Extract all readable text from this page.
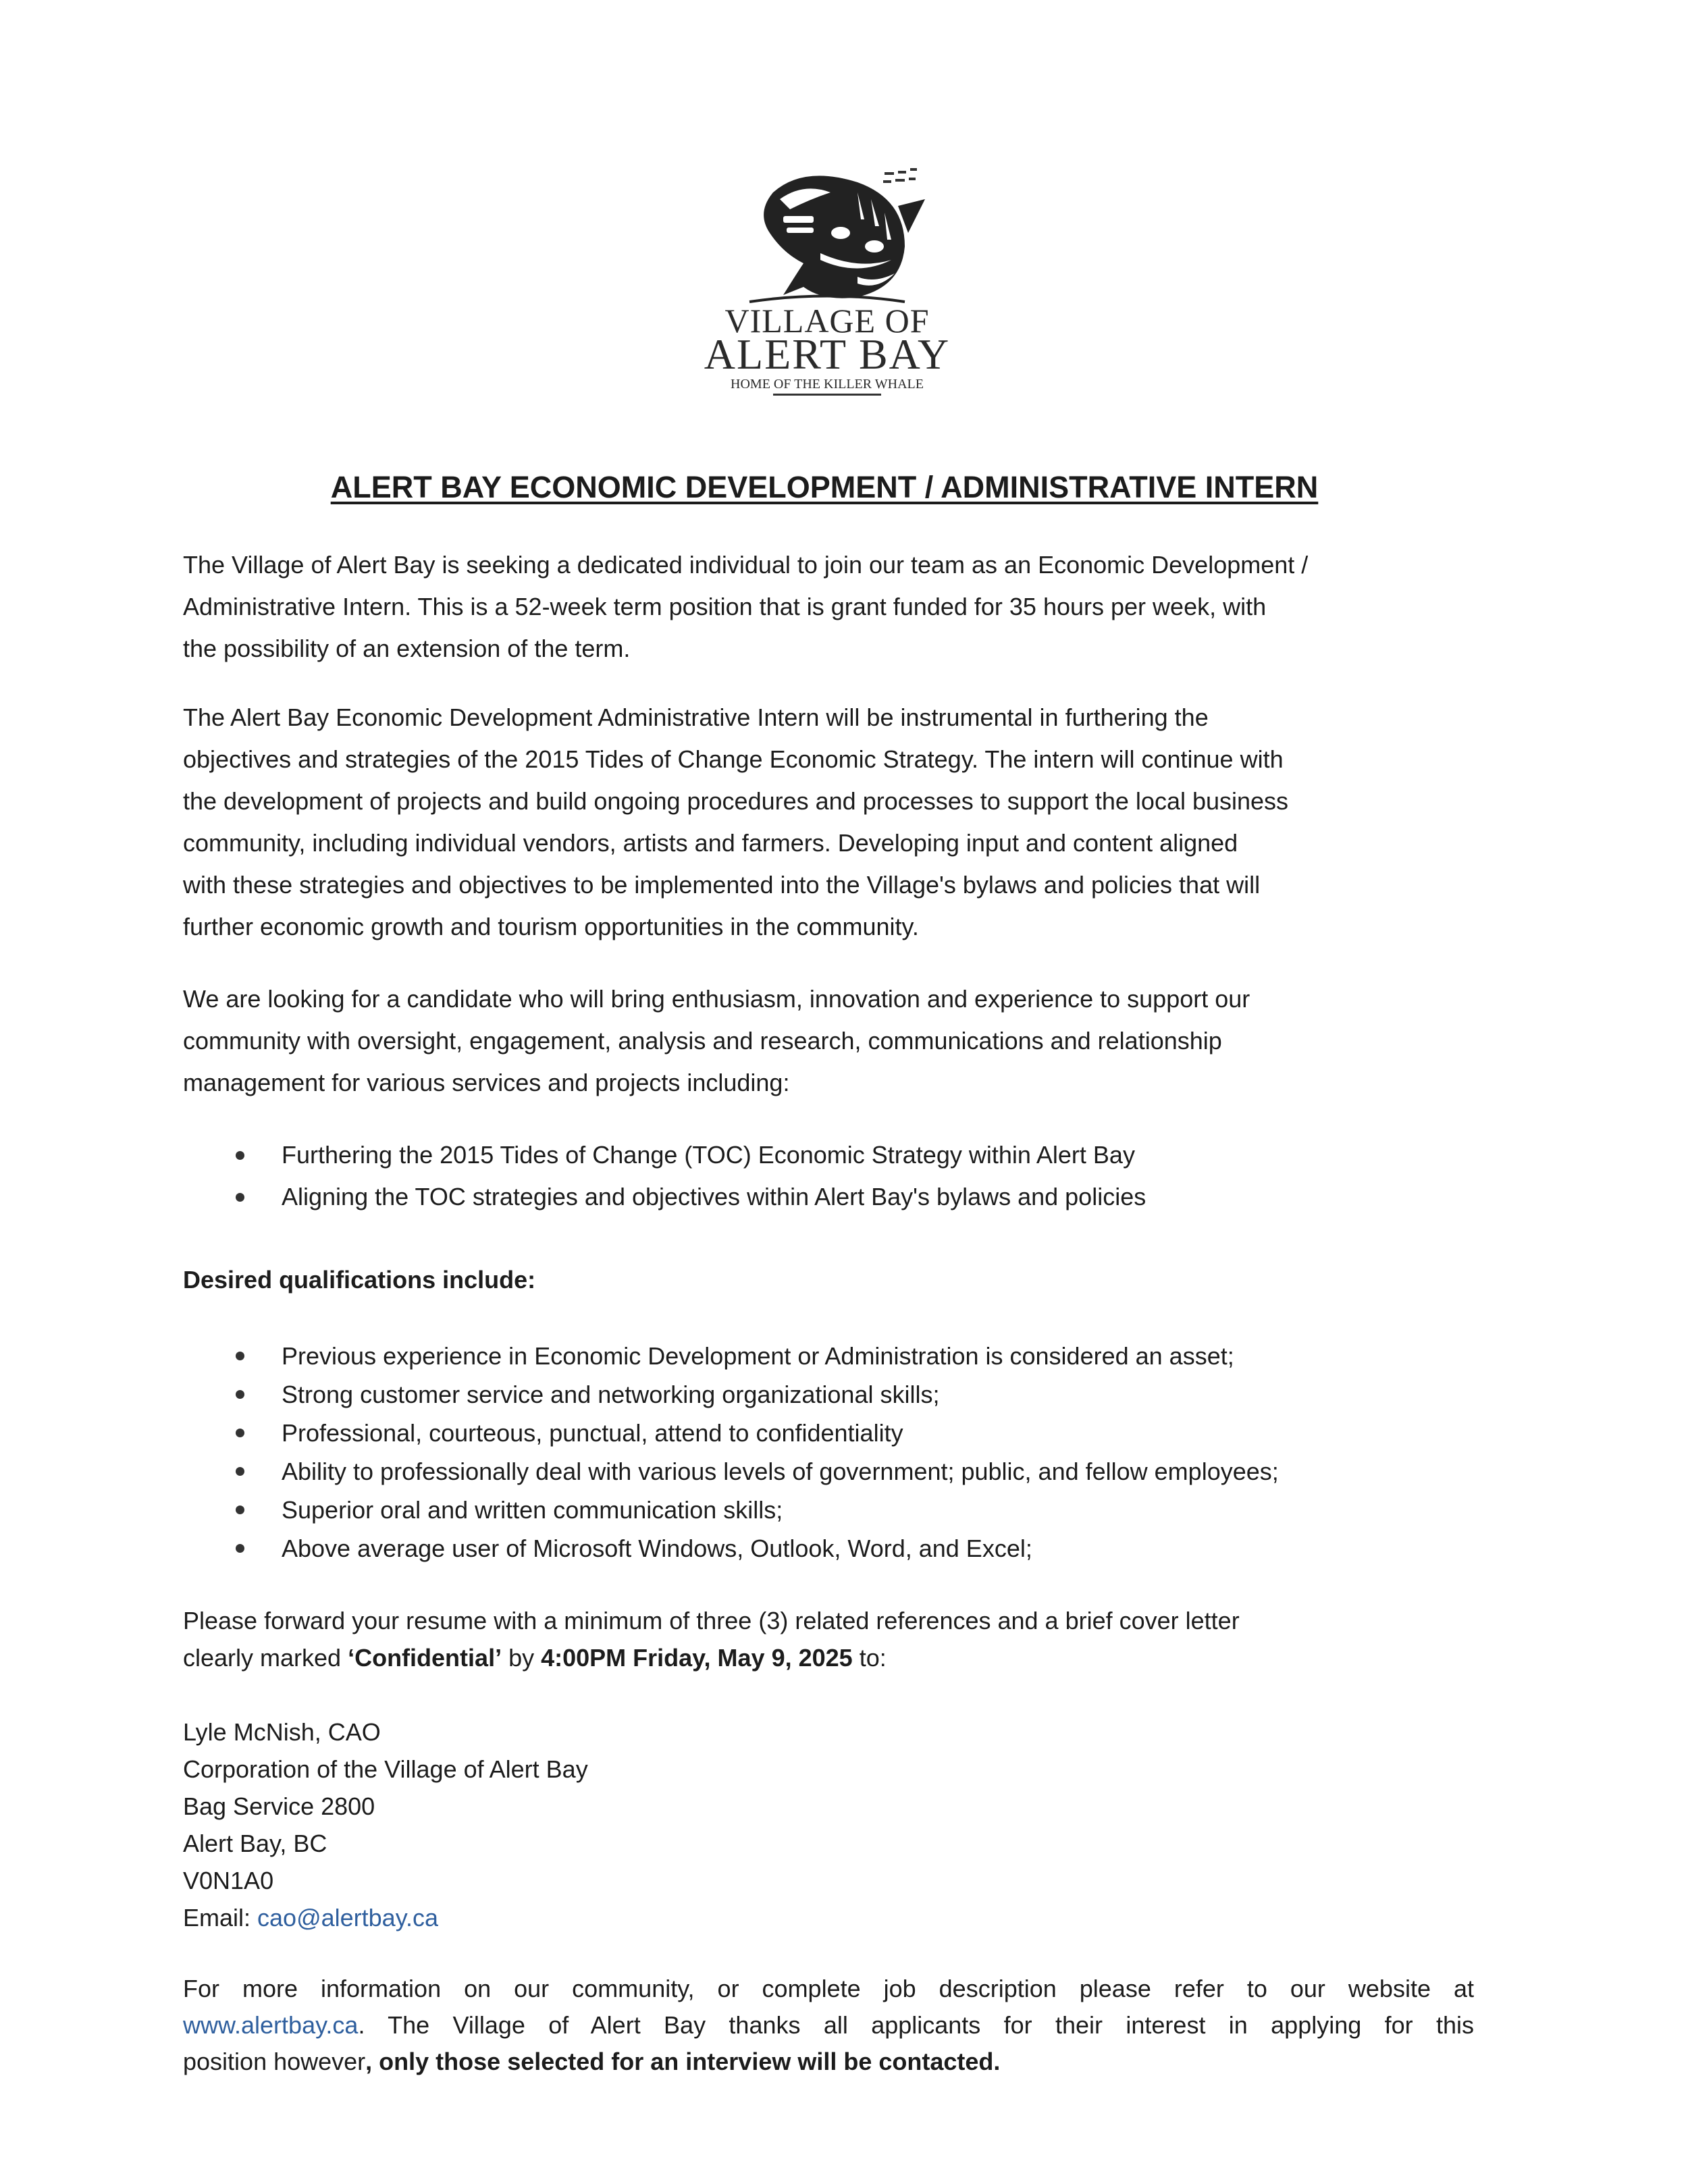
VILLAGE OF
ALERT BAY
HOME OF THE KILLER WHALE
ALERT BAY ECONOMIC DEVELOPMENT / ADMINISTRATIVE INTERN
The Village of Alert Bay is seeking a dedicated individual to join our team as an Economic Development /
Administrative Intern. This is a 52-week term position that is grant funded for 35 hours per week, with
the possibility of an extension of the term.
The Alert Bay Economic Development Administrative Intern will be instrumental in furthering the
objectives and strategies of the 2015 Tides of Change Economic Strategy. The intern will continue with
the development of projects and build ongoing procedures and processes to support the local business
community, including individual vendors, artists and farmers. Developing input and content aligned
with these strategies and objectives to be implemented into the Village's bylaws and policies that will
further economic growth and tourism opportunities in the community.
We are looking for a candidate who will bring enthusiasm, innovation and experience to support our
community with oversight, engagement, analysis and research, communications and relationship
management for various services and projects including:
Furthering the 2015 Tides of Change (TOC) Economic Strategy within Alert Bay
Aligning the TOC strategies and objectives within Alert Bay's bylaws and policies
Desired qualifications include:
Previous experience in Economic Development or Administration is considered an asset;
Strong customer service and networking organizational skills;
Professional, courteous, punctual, attend to confidentiality
Ability to professionally deal with various levels of government; public, and fellow employees;
Superior oral and written communication skills;
Above average user of Microsoft Windows, Outlook, Word, and Excel;
Please forward your resume with a minimum of three (3) related references and a brief cover letter
clearly marked ‘Confidential’ by 4:00PM Friday, May 9, 2025 to:
Lyle McNish, CAO
Corporation of the Village of Alert Bay
Bag Service 2800
Alert Bay, BC
V0N1A0
Email: cao@alertbay.ca
For more information on our community, or complete job description please refer to our website at
www.alertbay.ca. The Village of Alert Bay thanks all applicants for their interest in applying for this
position however, only those selected for an interview will be contacted.
